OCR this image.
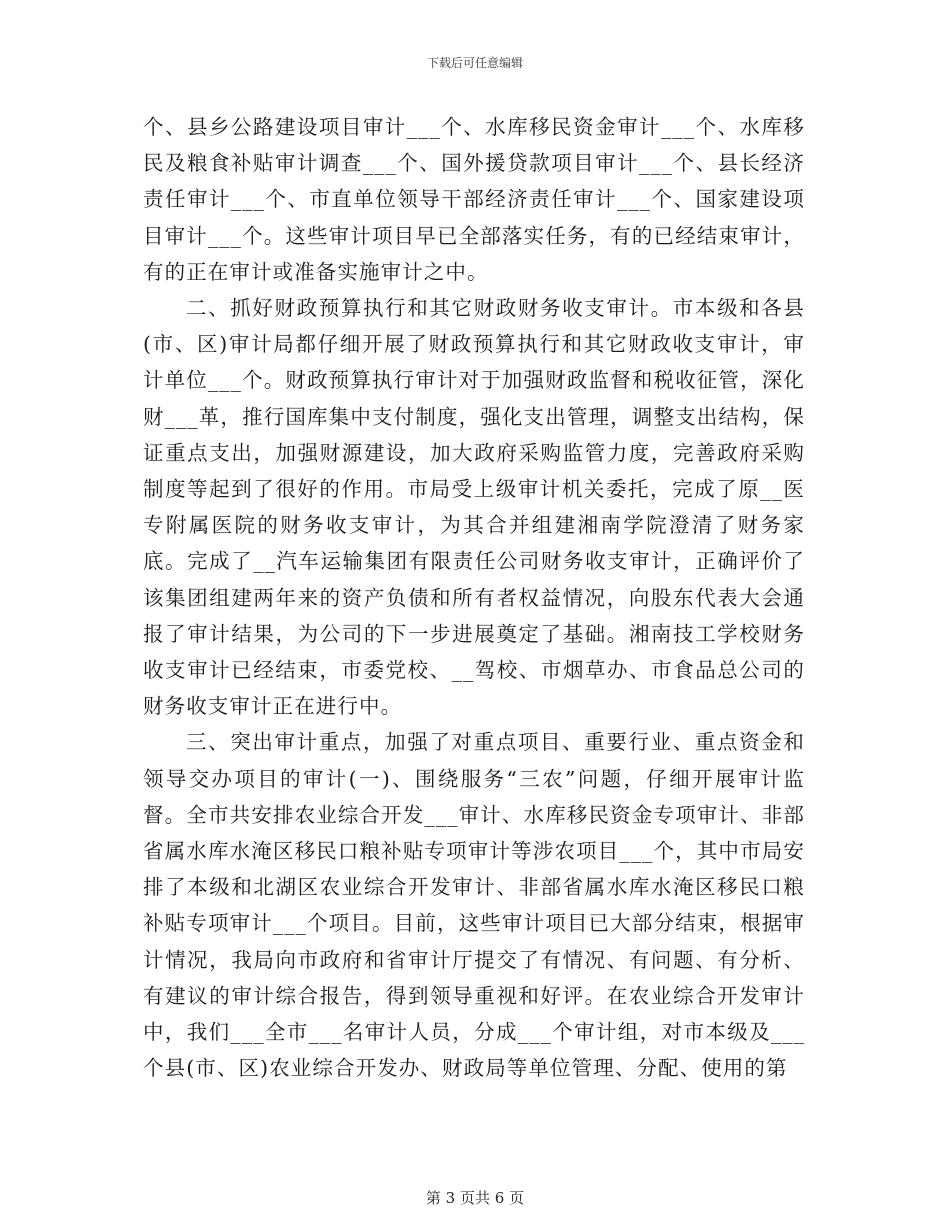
下载后可任意编辑

个、县乡公路建设项目审计___个、水库移民资金审计___个、水库移民及粮食补贴审计调查___个、国外援贷款项目审计___个、县长经济责任审计___个、市直单位领导干部经济责任审计___个、国家建设项目审计___个。这些审计项目早已全部落实任务，有的已经结束审计，有的正在审计或准备实施审计之中。

二、抓好财政预算执行和其它财政财务收支审计。市本级和各县(市、区)审计局都仔细开展了财政预算执行和其它财政收支审计，审计单位___个。财政预算执行审计对于加强财政监督和税收征管，深化财___革，推行国库集中支付制度，强化支出管理，调整支出结构，保证重点支出，加强财源建设，加大政府采购监管力度，完善政府采购制度等起到了很好的作用。市局受上级审计机关委托，完成了原__医专附属医院的财务收支审计，为其合并组建湘南学院澄清了财务家底。完成了__汽车运输集团有限责任公司财务收支审计，正确评价了该集团组建两年来的资产负债和所有者权益情况，向股东代表大会通报了审计结果，为公司的下一步进展奠定了基础。湘南技工学校财务收支审计已经结束，市委党校、__驾校、市烟草办、市食品总公司的财务收支审计正在进行中。

三、突出审计重点，加强了对重点项目、重要行业、重点资金和领导交办项目的审计(一)、围绕服务“三农”问题，仔细开展审计监督。全市共安排农业综合开发___审计、水库移民资金专项审计、非部省属水库水淹区移民口粮补贴专项审计等涉农项目___个，其中市局安排了本级和北湖区农业综合开发审计、非部省属水库水淹区移民口粮补贴专项审计___个项目。目前，这些审计项目已大部分结束，根据审计情况，我局向市政府和省审计厅提交了有情况、有问题、有分析、有建议的审计综合报告，得到领导重视和好评。在农业综合开发审计中，我们___全市___名审计人员，分成___个审计组，对市本级及___个县(市、区)农业综合开发办、财政局等单位管理、分配、使用的第

第 3 页共 6 页
